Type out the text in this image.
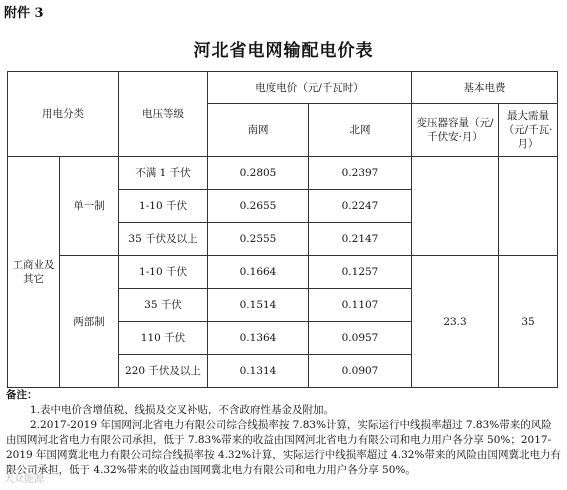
附件 3
河北省电网输配电价表
用电分类		电压等级	电度电价（元/千瓦时）		基本电费	
			南网	北网	变压器容量（元/千伏安·月）	最大需量（元/千瓦·月）
工商业及其它	单一制	不满 1 千伏	0.2805	0.2397		
		1-10 千伏	0.2655	0.2247		
		35 千伏及以上	0.2555	0.2147		
	两部制	1-10 千伏	0.1664	0.1257	23.3	35
		35 千伏	0.1514	0.1107		
		110 千伏	0.1364	0.0957		
		220 千伏及以上	0.1314	0.0907		
备注：
1.表中电价含增值税、线损及交叉补贴，不含政府性基金及附加。
2.2017-2019 年国网河北省电力有限公司综合线损率按 7.83%计算，实际运行中线损率超过 7.83%带来的风险由国网河北省电力有限公司承担，低于 7.83%带来的收益由国网河北省电力有限公司和电力用户各分享 50%；2017-2019 年国网冀北电力有限公司综合线损率按 4.32%计算，实际运行中线损率超过 4.32%带来的风险由国网冀北电力有限公司承担，低于 4.32%带来的收益由国网冀北电力有限公司和电力用户各分享 50%。
大众能源
